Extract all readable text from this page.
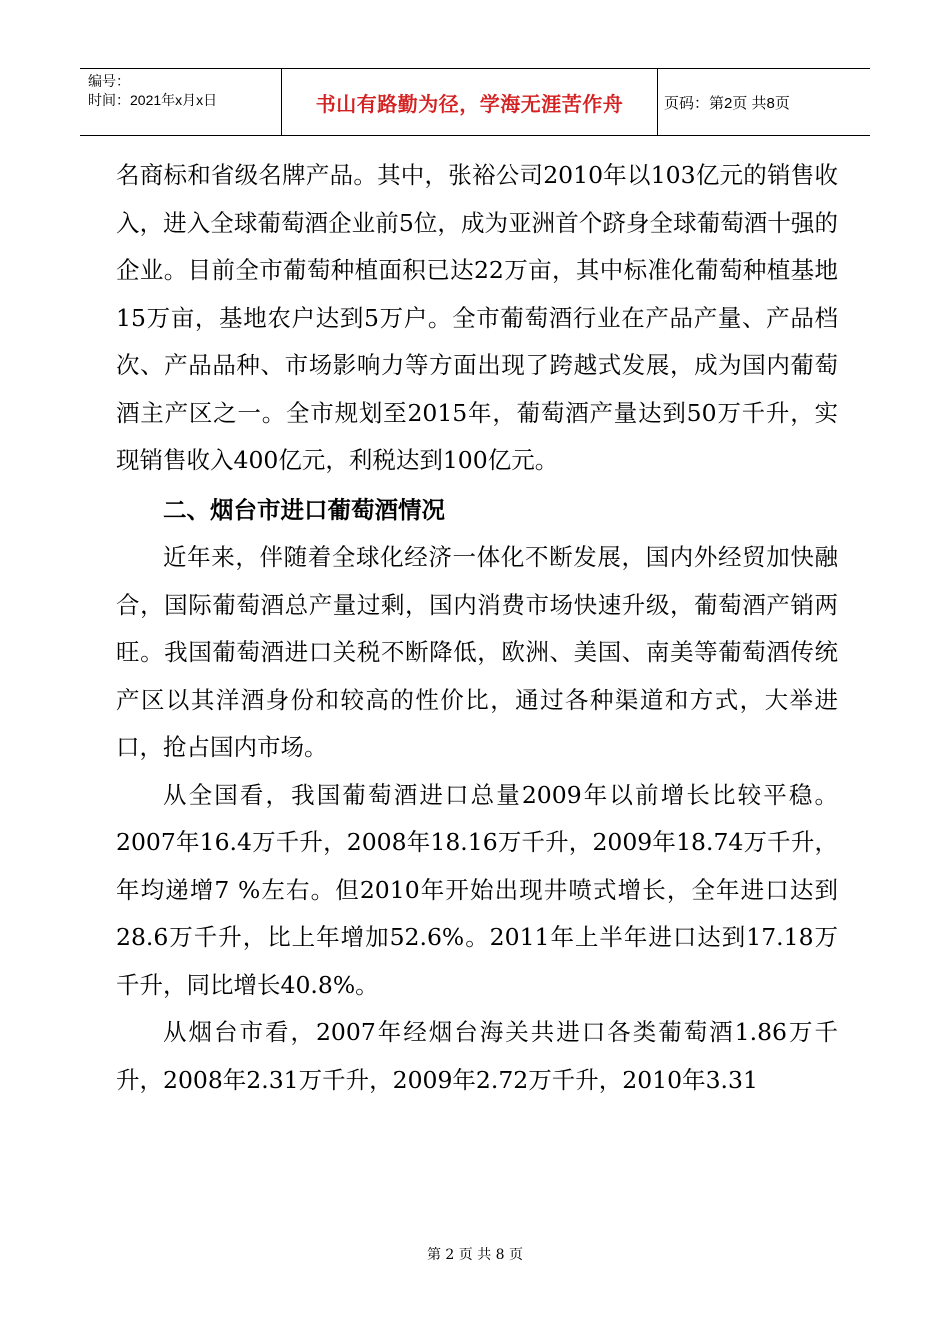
编号：
时间：2021年x月x日	书山有路勤为径，学海无涯苦作舟	页码：第2页 共8页

名商标和省级名牌产品。其中，张裕公司2010年以103亿元的销售收入，进入全球葡萄酒企业前5位，成为亚洲首个跻身全球葡萄酒十强的企业。目前全市葡萄种植面积已达22万亩，其中标准化葡萄种植基地15万亩，基地农户达到5万户。全市葡萄酒行业在产品产量、产品档次、产品品种、市场影响力等方面出现了跨越式发展，成为国内葡萄酒主产区之一。全市规划至2015年，葡萄酒产量达到50万千升，实现销售收入400亿元，利税达到100亿元。

二、烟台市进口葡萄酒情况

近年来，伴随着全球化经济一体化不断发展，国内外经贸加快融合，国际葡萄酒总产量过剩，国内消费市场快速升级，葡萄酒产销两旺。我国葡萄酒进口关税不断降低，欧洲、美国、南美等葡萄酒传统产区以其洋酒身份和较高的性价比，通过各种渠道和方式，大举进口，抢占国内市场。

从全国看，我国葡萄酒进口总量2009年以前增长比较平稳。2007年16.4万千升，2008年18.16万千升，2009年18.74万千升，年均递增7 %左右。但2010年开始出现井喷式增长，全年进口达到28.6万千升，比上年增加52.6%。2011年上半年进口达到17.18万千升，同比增长40.8%。

从烟台市看，2007年经烟台海关共进口各类葡萄酒1.86万千升，2008年2.31万千升，2009年2.72万千升，2010年3.31

第 2 页 共 8 页
